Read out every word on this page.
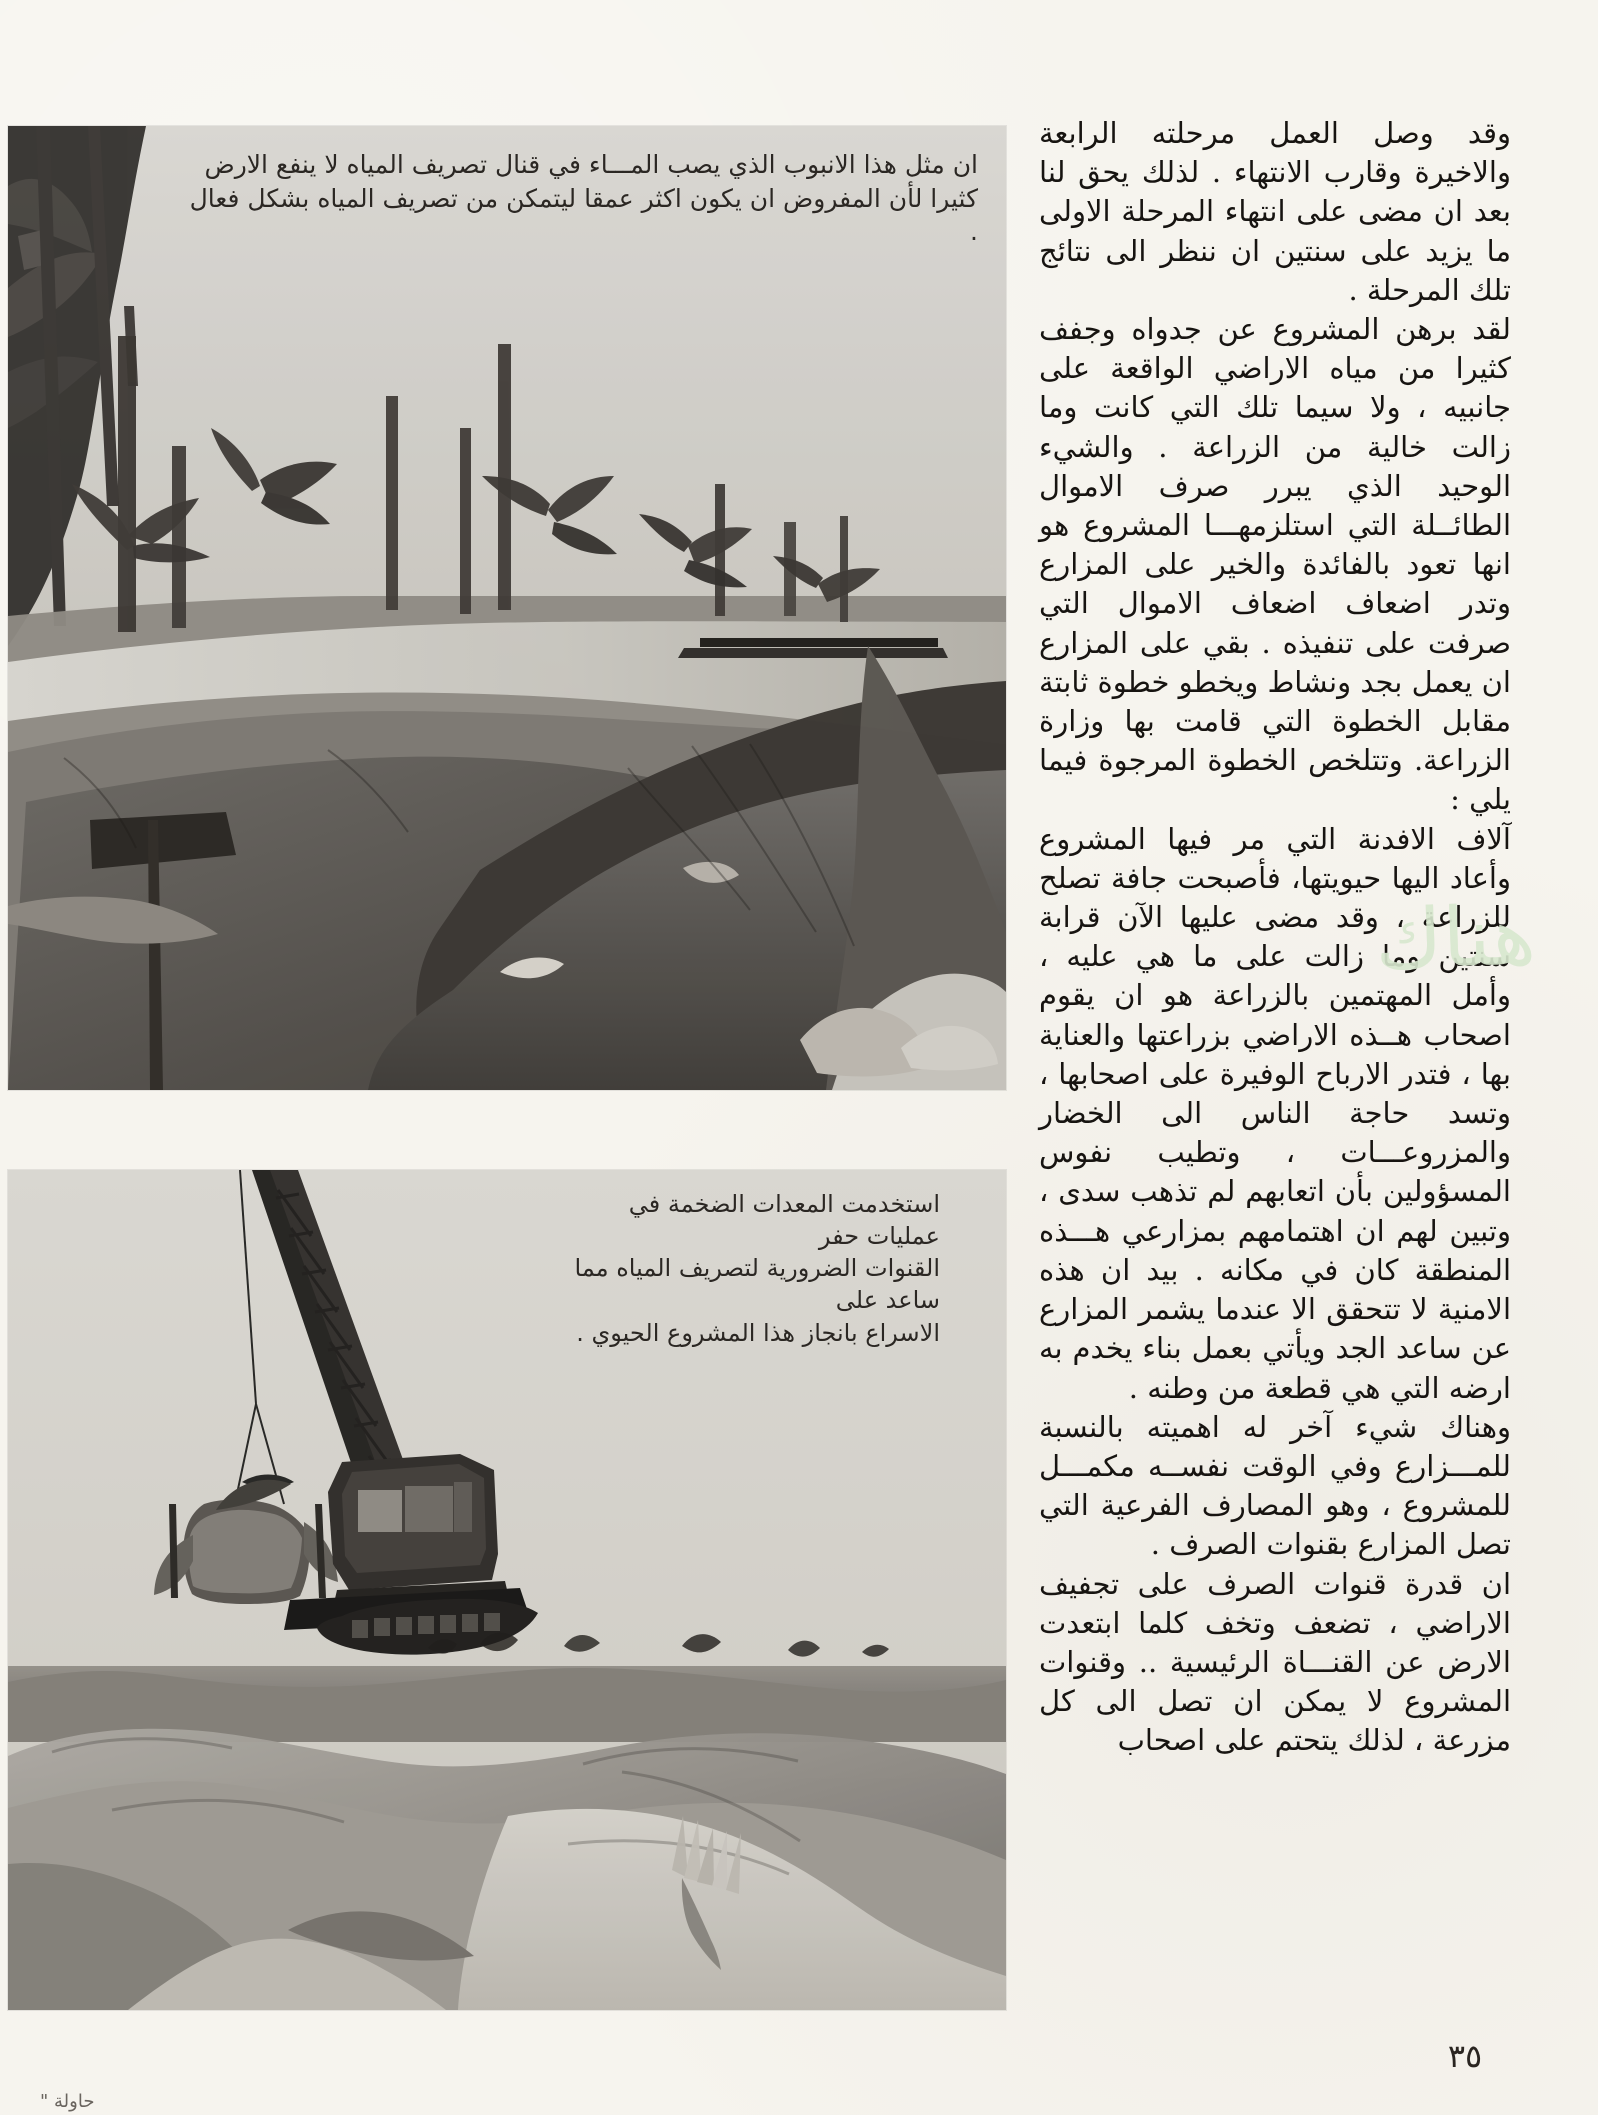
ان مثل هذا الانبوب الذي يصب المـــاء في قنال تصريف المياه لا ينفع الارض
كثيرا لأن المفروض ان يكون اكثر عمقا ليتمكن من تصريف المياه بشكل فعال .
استخدمت المعدات الضخمة في عمليات حفر
القنوات الضرورية لتصريف المياه مما ساعد على
الاسراع بانجاز هذا المشروع الحيوي .

وقد وصل العمل مرحلته الرابعة والاخيرة وقارب الانتهاء . لذلك يحق لنا بعد ان مضى على انتهاء المرحلة الاولى ما يزيد على سنتين ان ننظر الى نتائج تلك المرحلة .

لقد برهن المشروع عن جدواه وجفف كثيرا من مياه الاراضي الواقعة على جانبيه ، ولا سيما تلك التي كانت وما زالت خالية من الزراعة . والشيء الوحيد الذي يبرر صرف الاموال الطائــلة التي استلزمهـــا المشروع هو انها تعود بالفائدة والخير على المزارع وتدر اضعاف اضعاف الاموال التي صرفت على تنفيذه . بقي على المزارع ان يعمل بجد ونشاط ويخطو خطوة ثابتة مقابل الخطوة التي قامت بها وزارة الزراعة. وتتلخص الخطوة المرجوة فيما يلي :

آلاف الافدنة التي مر فيها المشروع وأعاد اليها حيويتها، فأصبحت جافة تصلح للزراعة ، وقد مضى عليها الآن قرابة سنتين وما زالت على ما هي عليه ، وأمل المهتمين بالزراعة هو ان يقوم اصحاب هــذه الاراضي بزراعتها والعناية بها ، فتدر الارباح الوفيرة على اصحابها ، وتسد حاجة الناس الى الخضار والمزروعـــات ، وتطيب نفوس المسؤولين بأن اتعابهم لم تذهب سدى ، وتبين لهم ان اهتمامهم بمزارعي هـــذه المنطقة كان في مكانه . بيد ان هذه الامنية لا تتحقق الا عندما يشمر المزارع عن ساعد الجد ويأتي بعمل بناء يخدم به ارضه التي هي قطعة من وطنه .

وهناك شيء آخر له اهميته بالنسبة للمـــزارع وفي الوقت نفســه مكمـــل للمشروع ، وهو المصارف الفرعية التي تصل المزارع بقنوات الصرف .

ان قدرة قنوات الصرف على تجفيف الاراضي ، تضعف وتخف كلما ابتعدت الارض عن القنـــاة الرئيسية .. وقنوات المشروع لا يمكن ان تصل الى كل مزرعة ، لذلك يتحتم على اصحاب

هناك
٣٥
حاولة "
